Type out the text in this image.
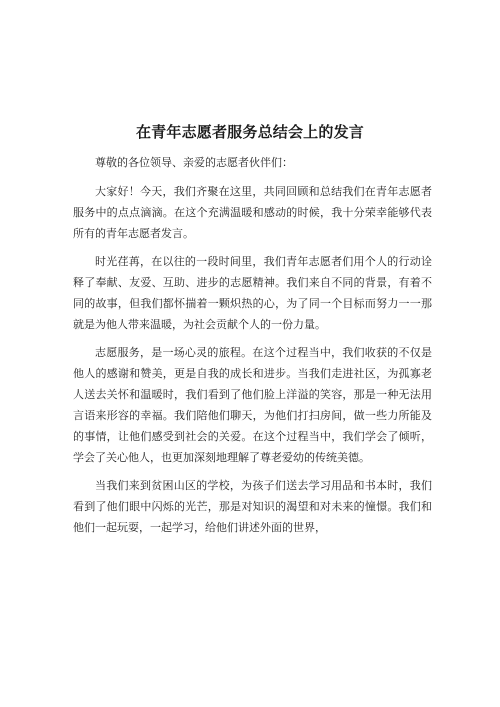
在青年志愿者服务总结会上的发言
尊敬的各位领导、亲爱的志愿者伙伴们：

大家好！今天，我们齐聚在这里，共同回顾和总结我们在青年志愿者服务中的点点滴滴。在这个充满温暖和感动的时候，我十分荣幸能够代表所有的青年志愿者发言。

时光荏苒，在以往的一段时间里，我们青年志愿者们用个人的行动诠释了奉献、友爱、互助、进步的志愿精神。我们来自不同的背景，有着不同的故事，但我们都怀揣着一颗炽热的心，为了同一个目标而努力一一那就是为他人带来温暖，为社会贡献个人的一份力量。

志愿服务，是一场心灵的旅程。在这个过程当中，我们收获的不仅是他人的感谢和赞美，更是自我的成长和进步。当我们走进社区，为孤寡老人送去关怀和温暖时，我们看到了他们脸上洋溢的笑容，那是一种无法用言语来形容的幸福。我们陪他们聊天，为他们打扫房间，做一些力所能及的事情，让他们感受到社会的关爱。在这个过程当中，我们学会了倾听，学会了关心他人，也更加深刻地理解了尊老爱幼的传统美德。

当我们来到贫困山区的学校，为孩子们送去学习用品和书本时，我们看到了他们眼中闪烁的光芒，那是对知识的渴望和对未来的憧憬。我们和他们一起玩耍，一起学习，给他们讲述外面的世界，
